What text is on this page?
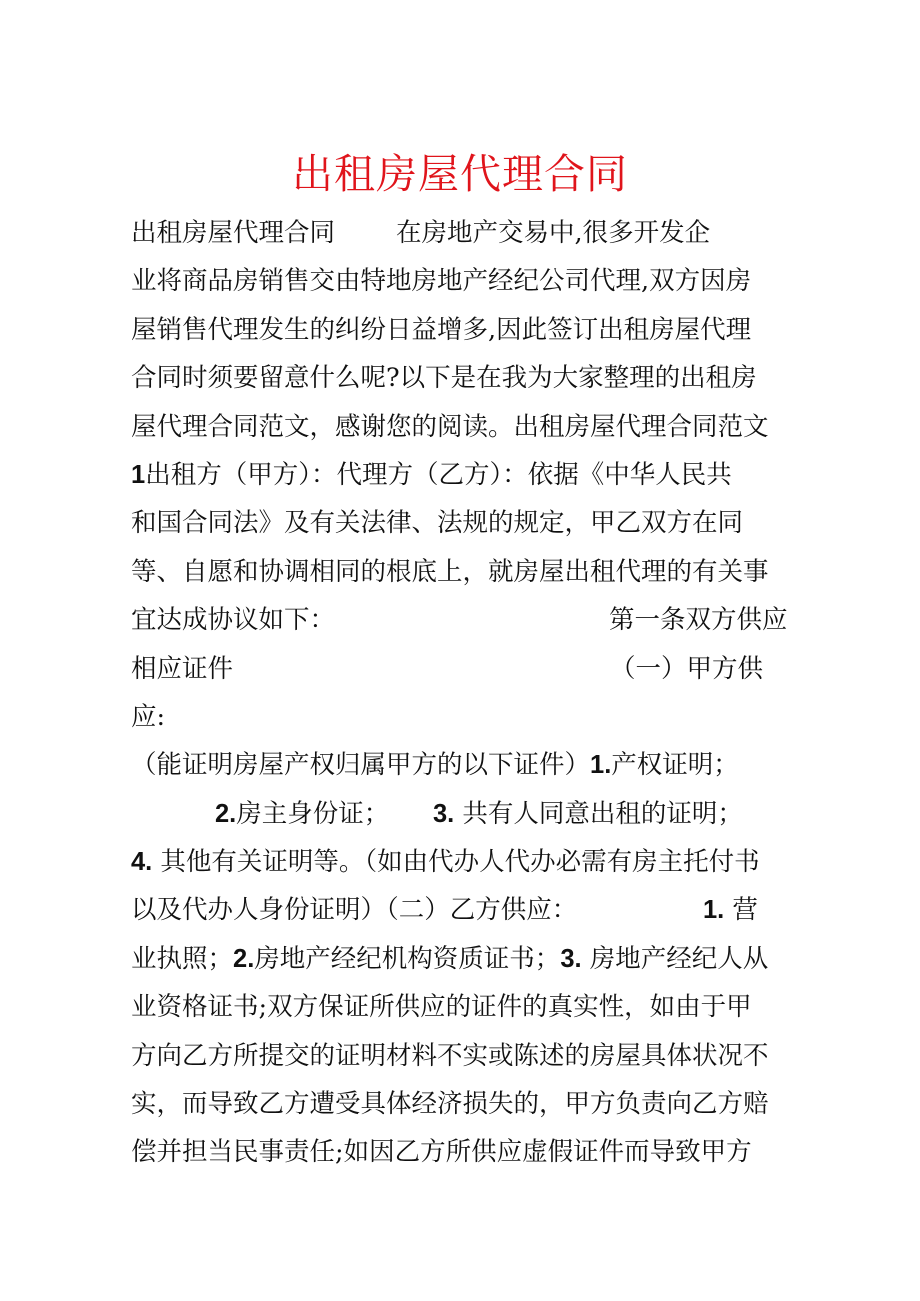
出租房屋代理合同
出租房屋代理合同 在房地产交易中,很多开发企
业将商品房销售交由特地房地产经纪公司代理,双方因房
屋销售代理发生的纠纷日益增多,因此签订出租房屋代理
合同时须要留意什么呢?以下是在我为大家整理的出租房
屋代理合同范文，感谢您的阅读。出租房屋代理合同范文
1出租方（甲方）：代理方（乙方）：依据《中华人民共
和国合同法》及有关法律、法规的规定，甲乙双方在同
等、自愿和协调相同的根底上，就房屋出租代理的有关事
宜达成协议如下：	第一条双方供应
相应证件	（一）甲方供
应:
（能证明房屋产权归属甲方的以下证件）1.产权证明；
2.房主身份证； 3. 共有人同意出租的证明；
4. 其他有关证明等。（如由代办人代办必需有房主托付书
以及代办人身份证明）（二）乙方供应：	1. 营
业执照；2.房地产经纪机构资质证书；3. 房地产经纪人从
业资格证书;双方保证所供应的证件的真实性，如由于甲
方向乙方所提交的证明材料不实或陈述的房屋具体状况不
实，而导致乙方遭受具体经济损失的，甲方负责向乙方赔
偿并担当民事责任;如因乙方所供应虚假证件而导致甲方
